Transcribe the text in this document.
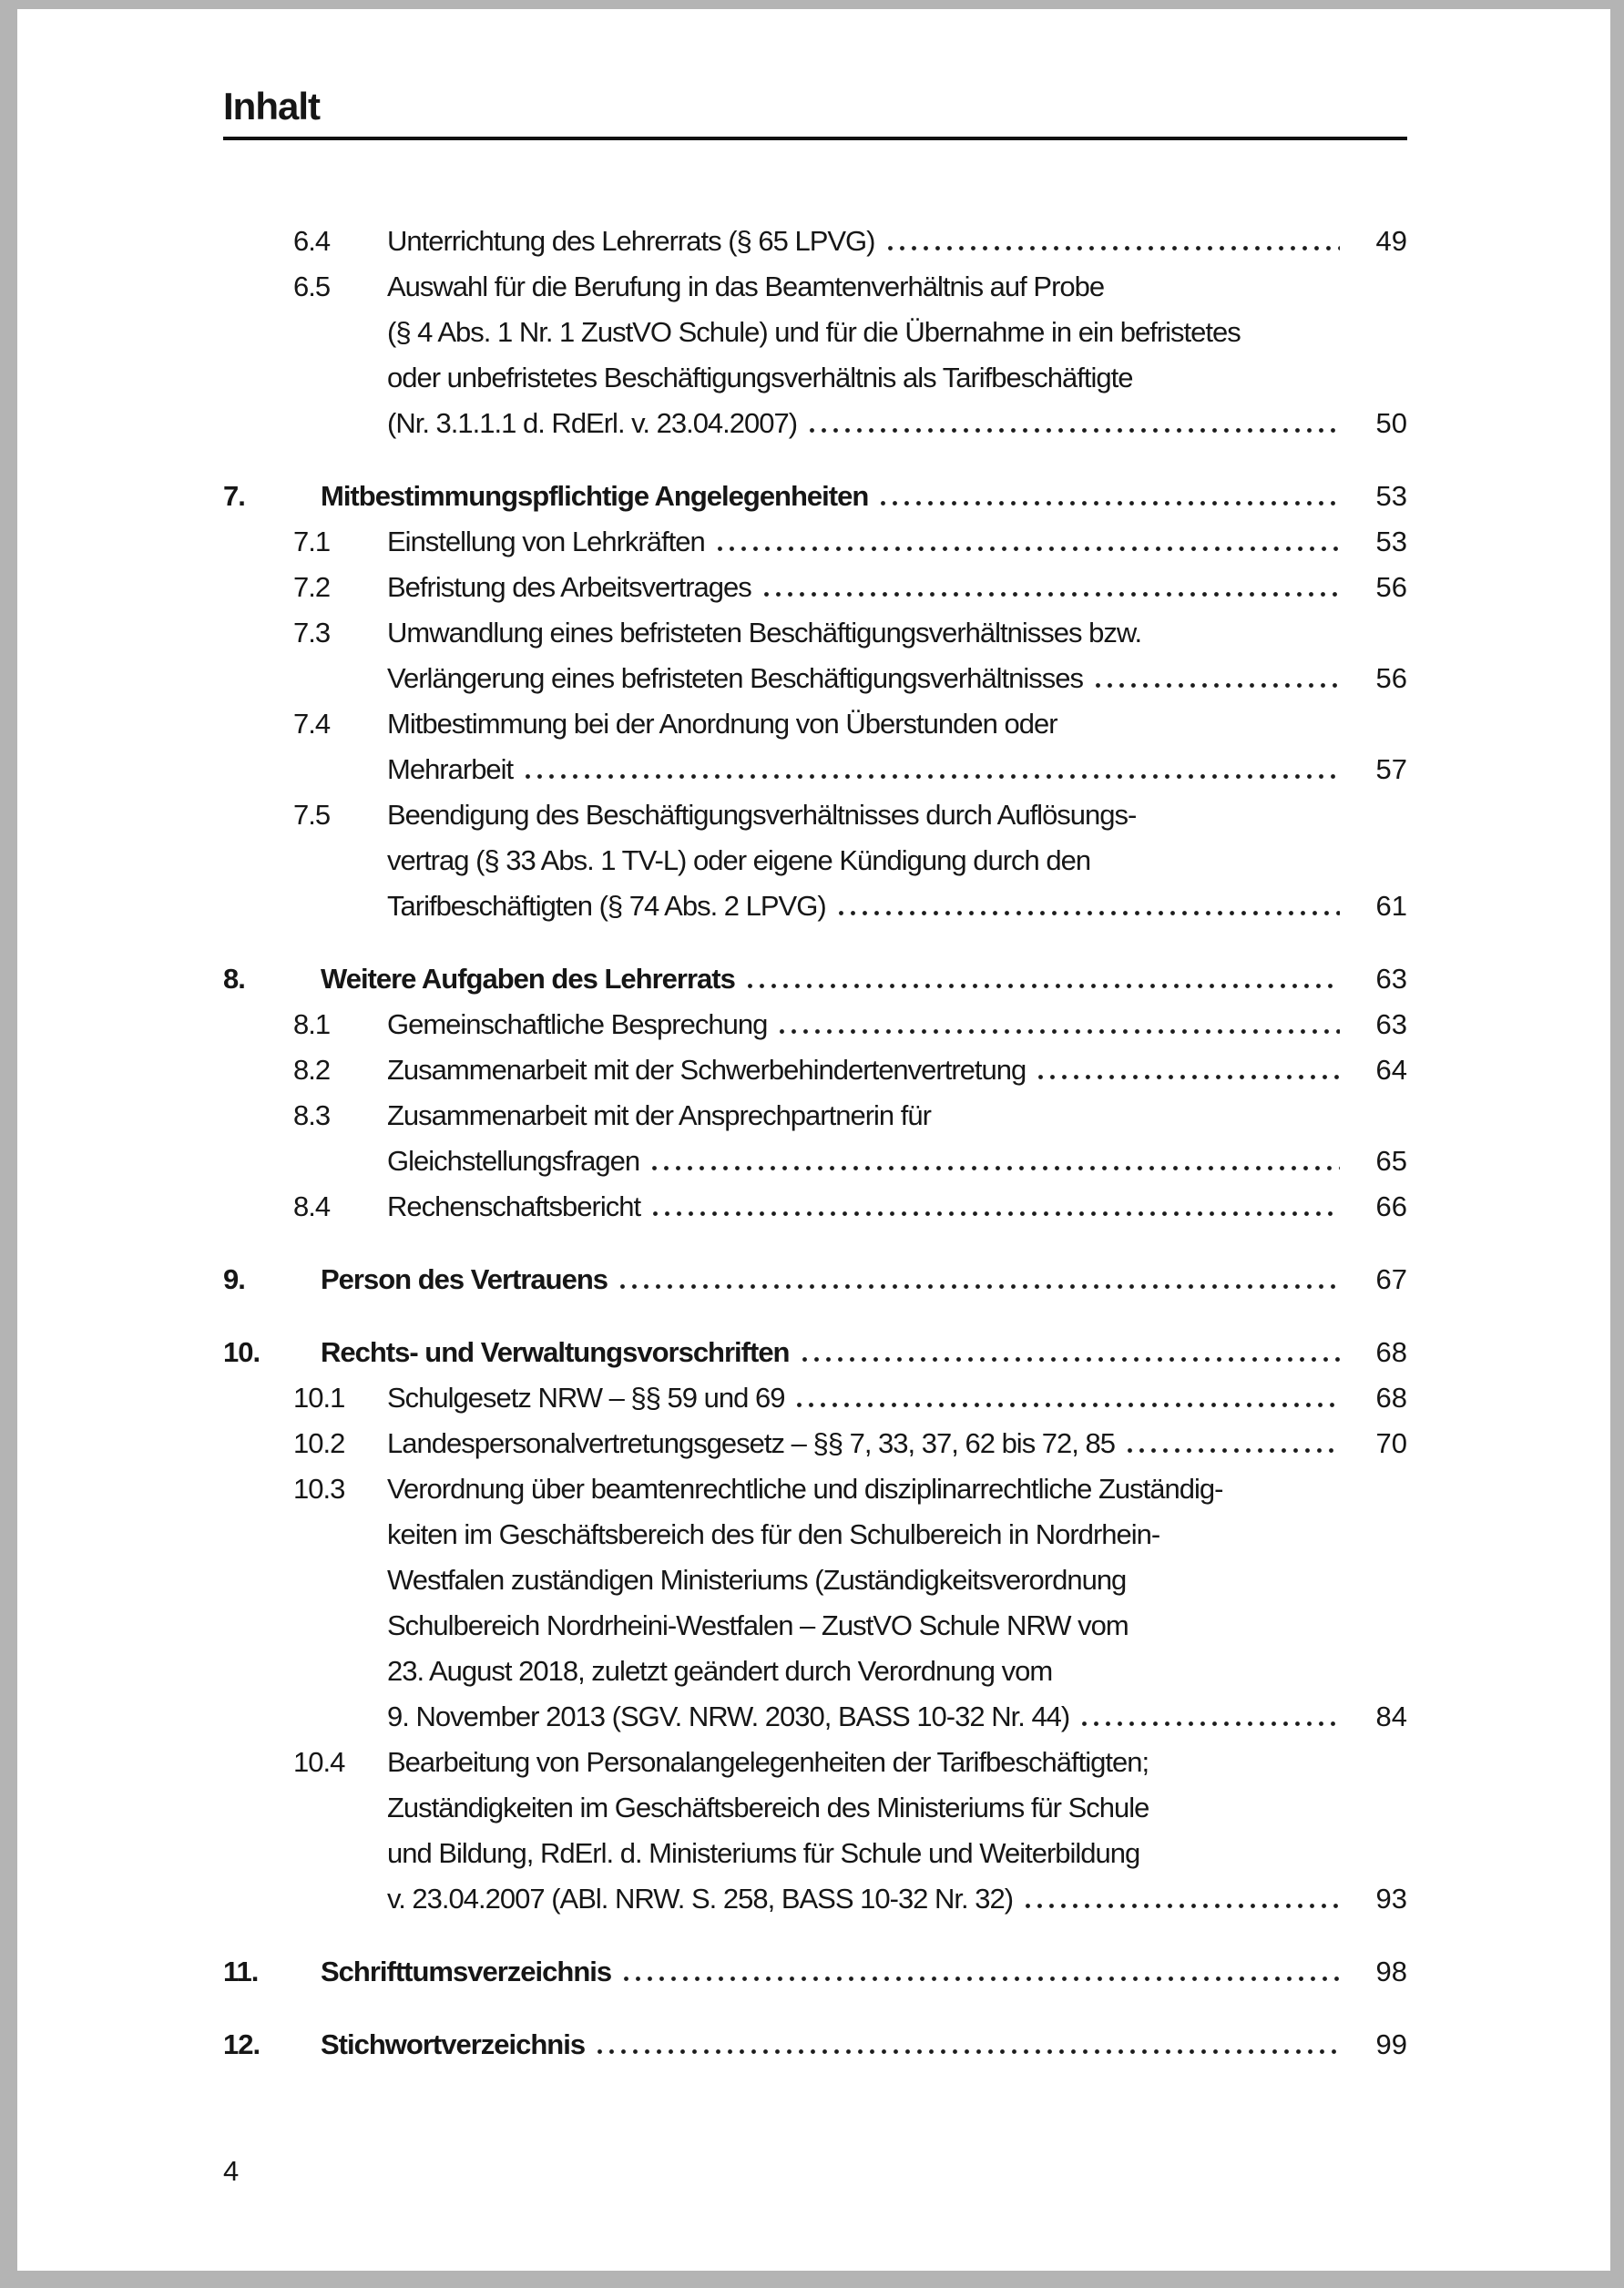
Inhalt
6.4 Unterrichtung des Lehrerrats (§ 65 LPVG)	49
6.5 Auswahl für die Berufung in das Beamtenverhältnis auf Probe
(§ 4 Abs. 1 Nr. 1 ZustVO Schule) und für die Übernahme in ein befristetes
oder unbefristetes Beschäftigungsverhältnis als Tarifbeschäftigte
(Nr. 3.1.1.1 d. RdErl. v. 23.04.2007)	50
7.	Mitbestimmungspflichtige Angelegenheiten	53
7.1 Einstellung von Lehrkräften	53
7.2 Befristung des Arbeitsvertrages	56
7.3 Umwandlung eines befristeten Beschäftigungsverhältnisses bzw.
Verlängerung eines befristeten Beschäftigungsverhältnisses	56
7.4 Mitbestimmung bei der Anordnung von Überstunden oder
Mehrarbeit	57
7.5 Beendigung des Beschäftigungsverhältnisses durch Auflösungs-
vertrag (§ 33 Abs. 1 TV-L) oder eigene Kündigung durch den
Tarifbeschäftigten (§ 74 Abs. 2 LPVG)	61
8.	Weitere Aufgaben des Lehrerrats	63
8.1 Gemeinschaftliche Besprechung	63
8.2 Zusammenarbeit mit der Schwerbehindertenvertretung	64
8.3 Zusammenarbeit mit der Ansprechpartnerin für
Gleichstellungsfragen	65
8.4 Rechenschaftsbericht	66
9.	Person des Vertrauens	67
10. Rechts- und Verwaltungsvorschriften	68
10.1 Schulgesetz NRW – §§ 59 und 69	68
10.2 Landespersonalvertretungsgesetz – §§ 7, 33, 37, 62 bis 72, 85	70
10.3 Verordnung über beamtenrechtliche und disziplinarrechtliche Zuständig-
keiten im Geschäftsbereich des für den Schulbereich in Nordrhein-
Westfalen zuständigen Ministeriums (Zuständigkeitsverordnung
Schulbereich Nordrheini-Westfalen – ZustVO Schule NRW vom
23. August 2018, zuletzt geändert durch Verordnung vom
9. November 2013 (SGV. NRW. 2030, BASS 10-32 Nr. 44)	84
10.4 Bearbeitung von Personalangelegenheiten der Tarifbeschäftigten;
Zuständigkeiten im Geschäftsbereich des Ministeriums für Schule
und Bildung, RdErl. d. Ministeriums für Schule und Weiterbildung
v. 23.04.2007 (ABl. NRW. S. 258, BASS 10-32 Nr. 32)	93
11. Schrifttumsverzeichnis	98
12. Stichwortverzeichnis	99
4
